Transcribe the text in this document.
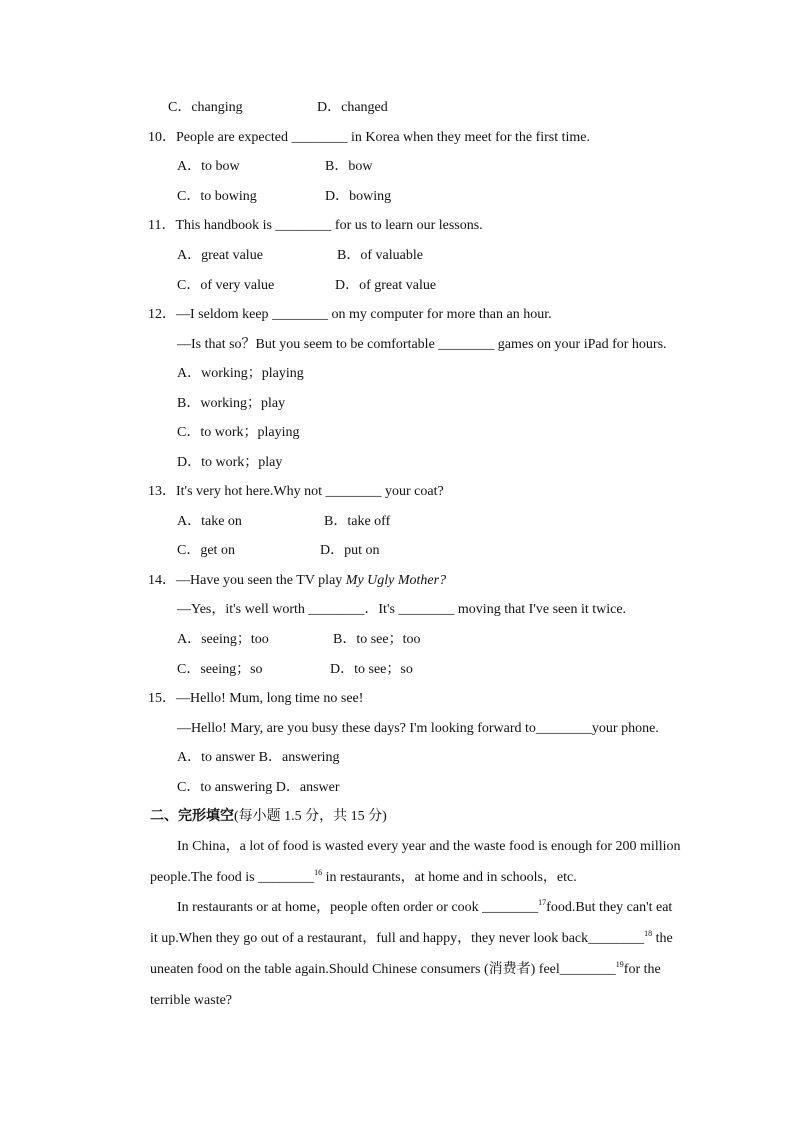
C．changing	D．changed
10．People are expected ________ in Korea when they meet for the first time.
A．to bow	B．bow
C．to bowing	D．bowing
11．This handbook is ________ for us to learn our lessons.
A．great value	B．of valuable
C．of very value	D．of great value
12．—I seldom keep ________ on my computer for more than an hour.
—Is that so？But you seem to be comfortable ________ games on your iPad for hours.
A．working；playing
B．working；play
C．to work；playing
D．to work；play
13．It's very hot here.Why not ________ your coat?
A．take on	B．take off
C．get on	D．put on
14．—Have you seen the TV play My Ugly Mother?
—Yes，it's well worth ________．It's ________ moving that I've seen it twice.
A．seeing；too	B．to see；too
C．seeing；so	D．to see；so
15．—Hello! Mum, long time no see!
—Hello! Mary, are you busy these days? I'm looking forward to________your phone.
A．to answer B．answering
C．to answering D．answer
二、完形填空(每小题 1.5 分，共 15 分)
In China，a lot of food is wasted every year and the waste food is enough for 200 million
people.The food is ________$^{16}$ in restaurants，at home and in schools，etc.
In restaurants or at home，people often order or cook ________$^{17}$food.But they can't eat
it up.When they go out of a restaurant，full and happy，they never look back________$^{18}$ the
uneaten food on the table again.Should Chinese consumers (消费者) feel________$^{19}$for the
terrible waste?
